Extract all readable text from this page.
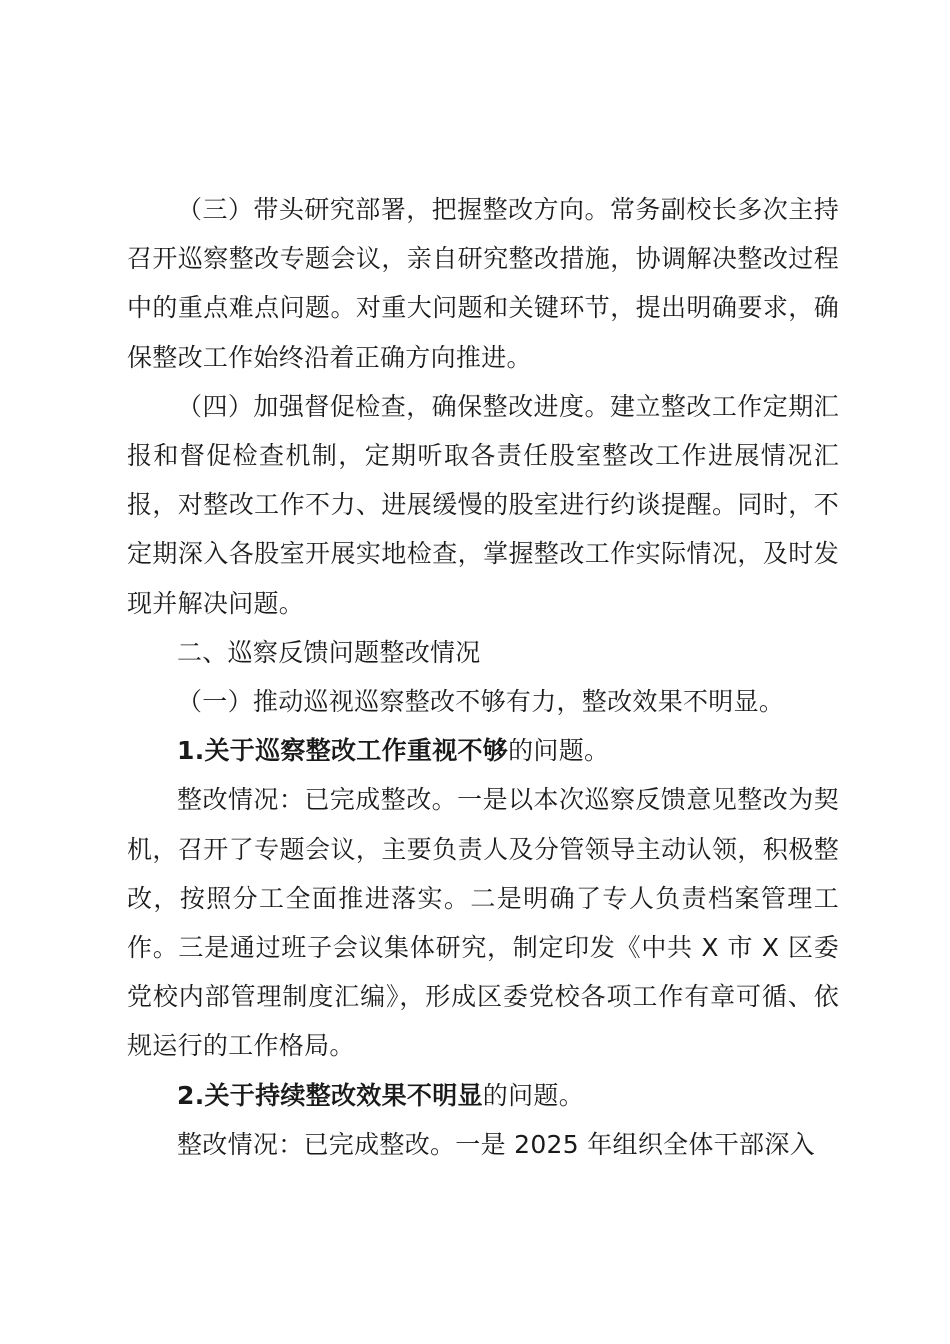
（三）带头研究部署，把握整改方向。常务副校长多次主持召开巡察整改专题会议，亲自研究整改措施，协调解决整改过程中的重点难点问题。对重大问题和关键环节，提出明确要求，确保整改工作始终沿着正确方向推进。

（四）加强督促检查，确保整改进度。建立整改工作定期汇报和督促检查机制，定期听取各责任股室整改工作进展情况汇报，对整改工作不力、进展缓慢的股室进行约谈提醒。同时，不定期深入各股室开展实地检查，掌握整改工作实际情况，及时发现并解决问题。

二、巡察反馈问题整改情况

（一）推动巡视巡察整改不够有力，整改效果不明显。

1.关于巡察整改工作重视不够的问题。

整改情况：已完成整改。一是以本次巡察反馈意见整改为契机，召开了专题会议，主要负责人及分管领导主动认领，积极整改，按照分工全面推进落实。二是明确了专人负责档案管理工作。三是通过班子会议集体研究，制定印发《中共 X 市 X 区委党校内部管理制度汇编》，形成区委党校各项工作有章可循、依规运行的工作格局。

2.关于持续整改效果不明显的问题。

整改情况：已完成整改。一是 2025 年组织全体干部深入
